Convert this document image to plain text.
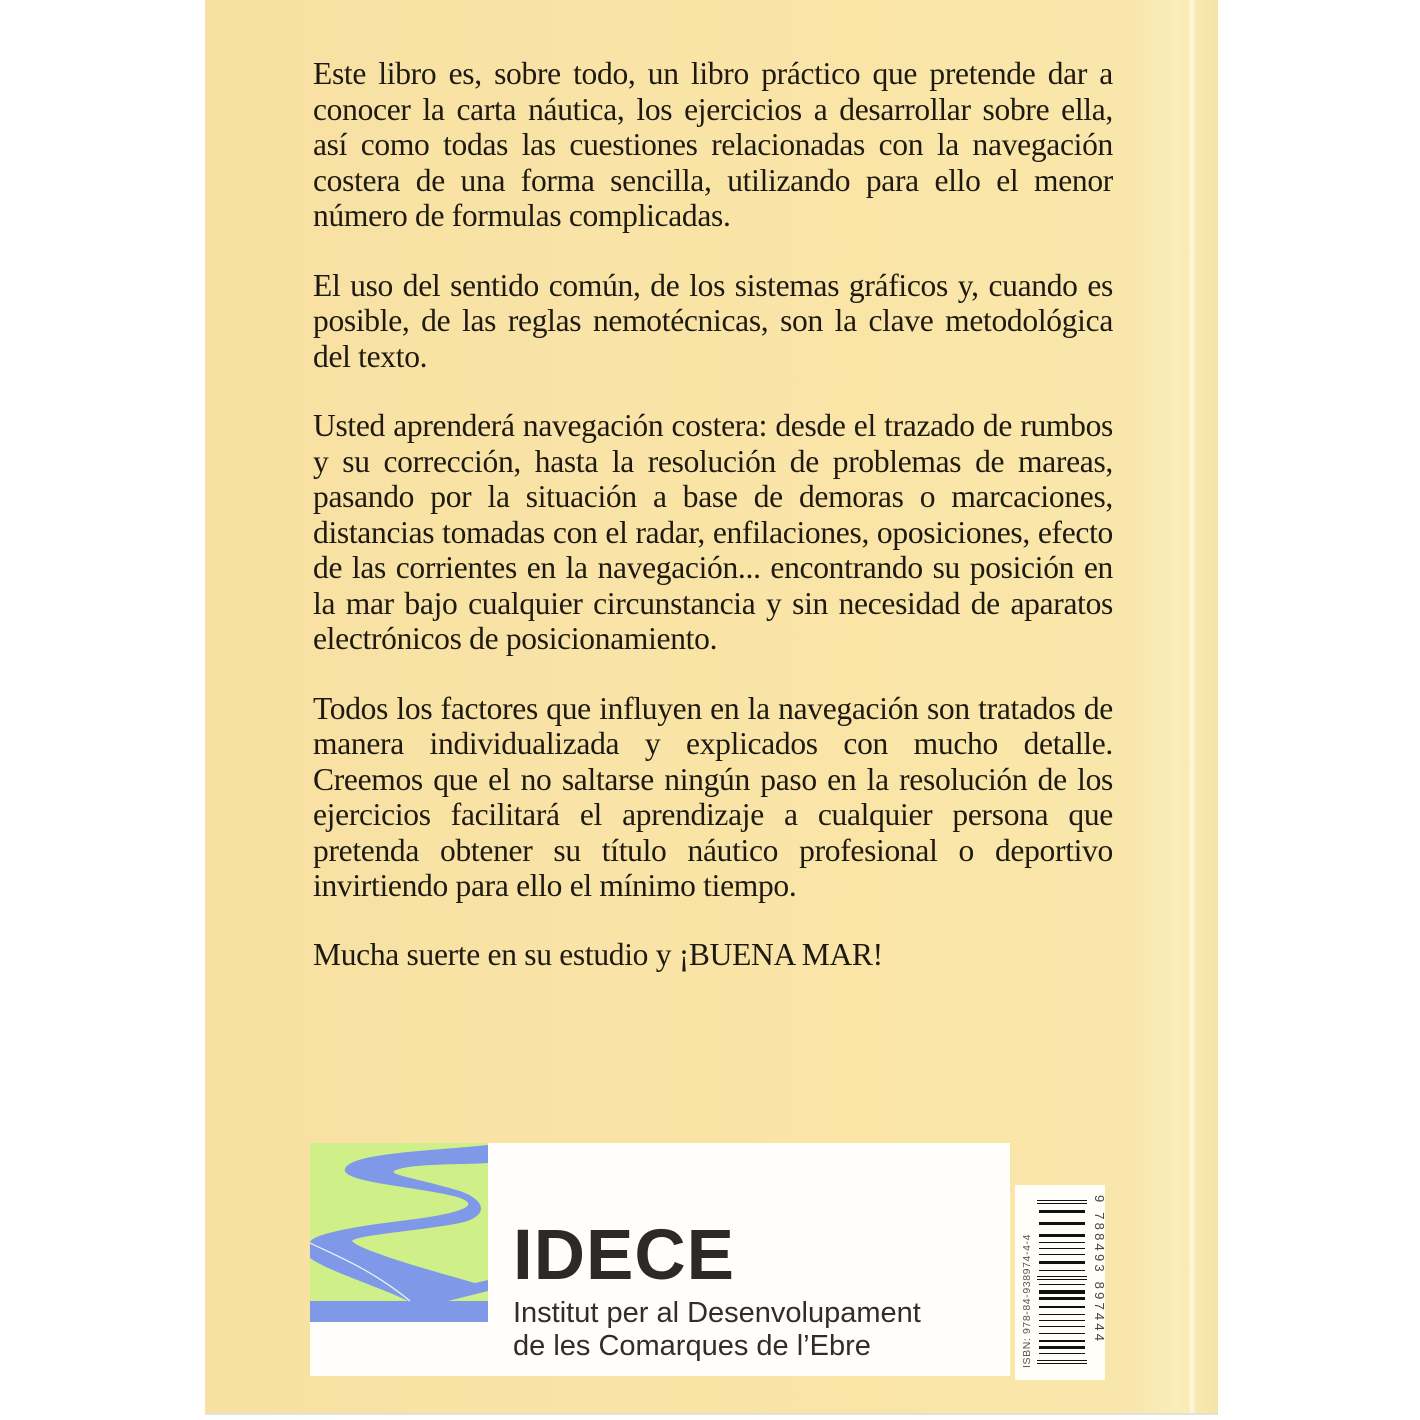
Este libro es, sobre todo, un libro práctico que pretende dar a conocer la carta náutica, los ejercicios a desarrollar sobre ella, así como todas las cuestiones relacionadas con la navegación costera de una forma sencilla, utilizando para ello el menor número de formulas complicadas.

El uso del sentido común, de los sistemas gráficos y, cuando es posible, de las reglas nemotécnicas, son la clave metodológica del texto.

Usted aprenderá navegación costera: desde el trazado de rumbos y su corrección, hasta la resolución de problemas de mareas, pasando por la situación a base de demoras o marcaciones, distancias tomadas con el radar, enfilaciones, oposiciones, efecto de las corrientes en la navegación... encontrando su posición en la mar bajo cualquier circunstancia y sin necesidad de aparatos electrónicos de posicionamiento.

Todos los factores que influyen en la navegación son tratados de manera individualizada y explicados con mucho detalle. Creemos que el no saltarse ningún paso en la resolución de los ejercicios facilitará el aprendizaje a cualquier persona que pretenda obtener su título náutico profesional o deportivo invirtiendo para ello el mínimo tiempo.

Mucha suerte en su estudio y ¡BUENA MAR!

IDECE
Institut per al Desenvolupament
de les Comarques de l’Ebre	ISBN: 978-84-938974-4-4	9 788493 897444
